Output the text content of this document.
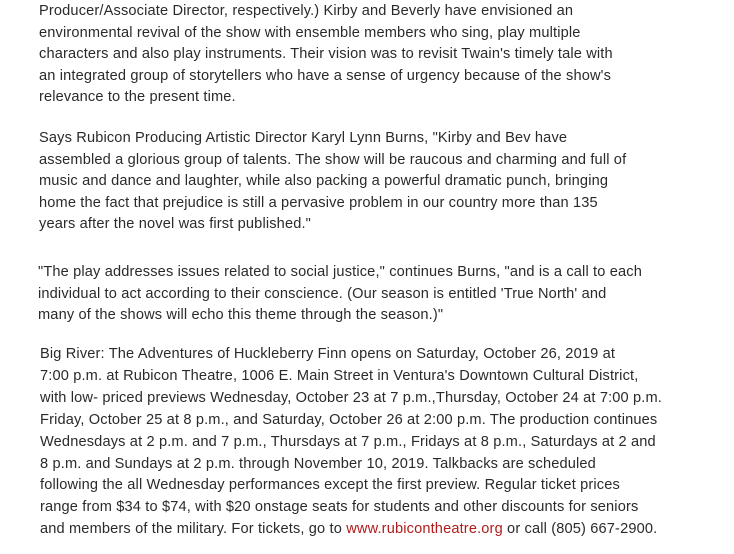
Producer/Associate Director, respectively.) Kirby and Beverly have envisioned an
environmental revival of the show with ensemble members who sing, play multiple
characters and also play instruments. Their vision was to revisit Twain's timely tale with
an integrated group of storytellers who have a sense of urgency because of the show's
relevance to the present time.

Says Rubicon Producing Artistic Director Karyl Lynn Burns, "Kirby and Bev have
assembled a glorious group of talents. The show will be raucous and charming and full of
music and dance and laughter, while also packing a powerful dramatic punch, bringing
home the fact that prejudice is still a pervasive problem in our country more than 135
years after the novel was first published."

"The play addresses issues related to social justice," continues Burns, "and is a call to each
individual to act according to their conscience. (Our season is entitled 'True North' and
many of the shows will echo this theme through the season.)"

Big River: The Adventures of Huckleberry Finn opens on Saturday, October 26, 2019 at
7:00 p.m. at Rubicon Theatre, 1006 E. Main Street in Ventura's Downtown Cultural District,
with low- priced previews Wednesday, October 23 at 7 p.m.,Thursday, October 24 at 7:00 p.m.
Friday, October 25 at 8 p.m., and Saturday, October 26 at 2:00 p.m. The production continues
Wednesdays at 2 p.m. and 7 p.m., Thursdays at 7 p.m., Fridays at 8 p.m., Saturdays at 2 and
8 p.m. and Sundays at 2 p.m. through November 10, 2019. Talkbacks are scheduled
following the all Wednesday performances except the first preview. Regular ticket prices
range from $34 to $74, with $20 onstage seats for students and other discounts for seniors
and members of the military. For tickets, go to www.rubicontheatre.org or call (805) 667-2900.
